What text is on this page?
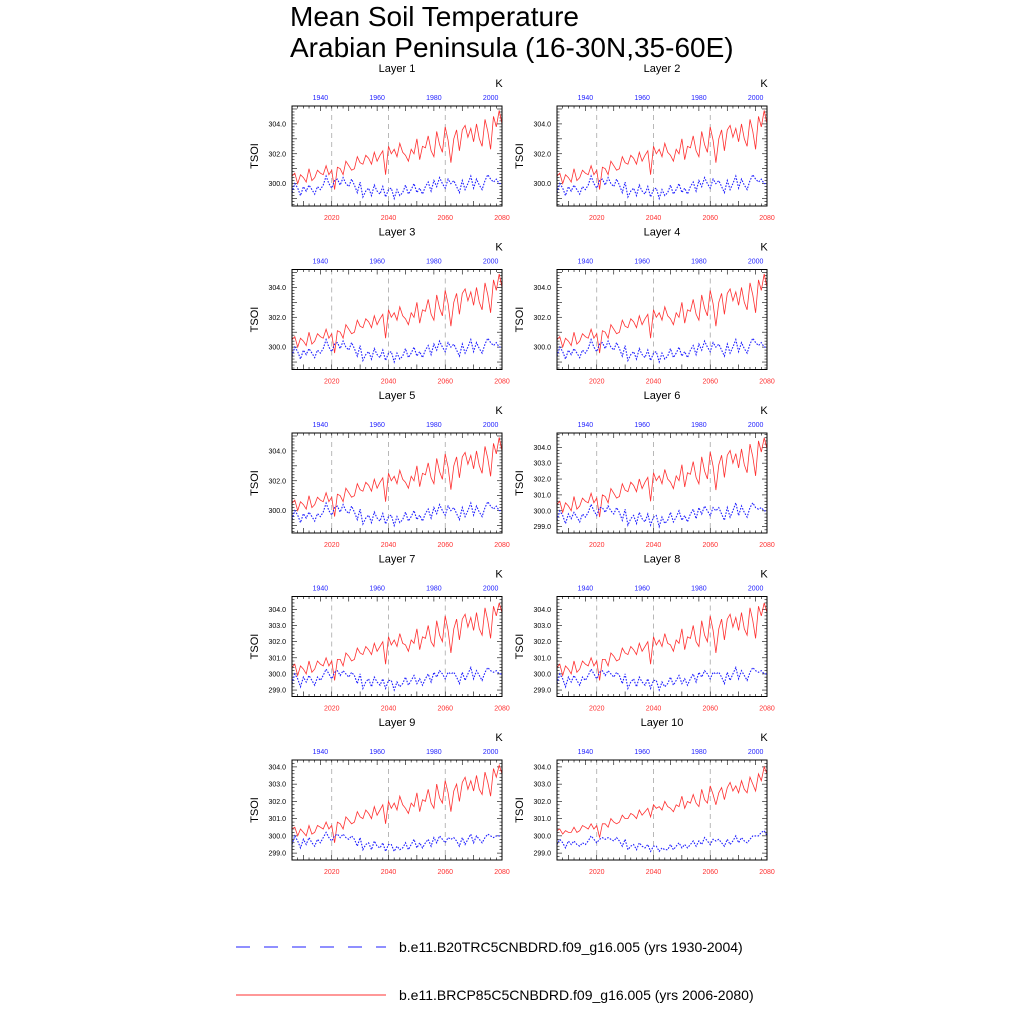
Mean Soil Temperature
Arabian Peninsula (16-30N,35-60E)
Layer 1
K
TSOI
2020	2040	2060	2080
1940	1960	1980	2000
300.0
302.0
304.0
Layer 2
K
TSOI
2020	2040	2060	2080
1940	1960	1980	2000
300.0
302.0
304.0
Layer 3
K
TSOI
2020	2040	2060	2080
1940	1960	1980	2000
300.0
302.0
304.0
Layer 4
K
TSOI
2020	2040	2060	2080
1940	1960	1980	2000
300.0
302.0
304.0
Layer 5
K
TSOI
2020	2040	2060	2080
1940	1960	1980	2000
300.0
302.0
304.0
Layer 6
K
TSOI
2020	2040	2060	2080
1940	1960	1980	2000
299.0
300.0
301.0
302.0
303.0
304.0
Layer 7
K
TSOI
2020	2040	2060	2080
1940	1960	1980	2000
299.0
300.0
301.0
302.0
303.0
304.0
Layer 8
K
TSOI
2020	2040	2060	2080
1940	1960	1980	2000
299.0
300.0
301.0
302.0
303.0
304.0
Layer 9
K
TSOI
2020	2040	2060	2080
1940	1960	1980	2000
299.0
300.0
301.0
302.0
303.0
304.0
Layer 10
K
TSOI
2020	2040	2060	2080
1940	1960	1980	2000
299.0
300.0
301.0
302.0
303.0
304.0
b.e11.B20TRC5CNBDRD.f09_g16.005 (yrs 1930-2004)
b.e11.BRCP85C5CNBDRD.f09_g16.005 (yrs 2006-2080)
